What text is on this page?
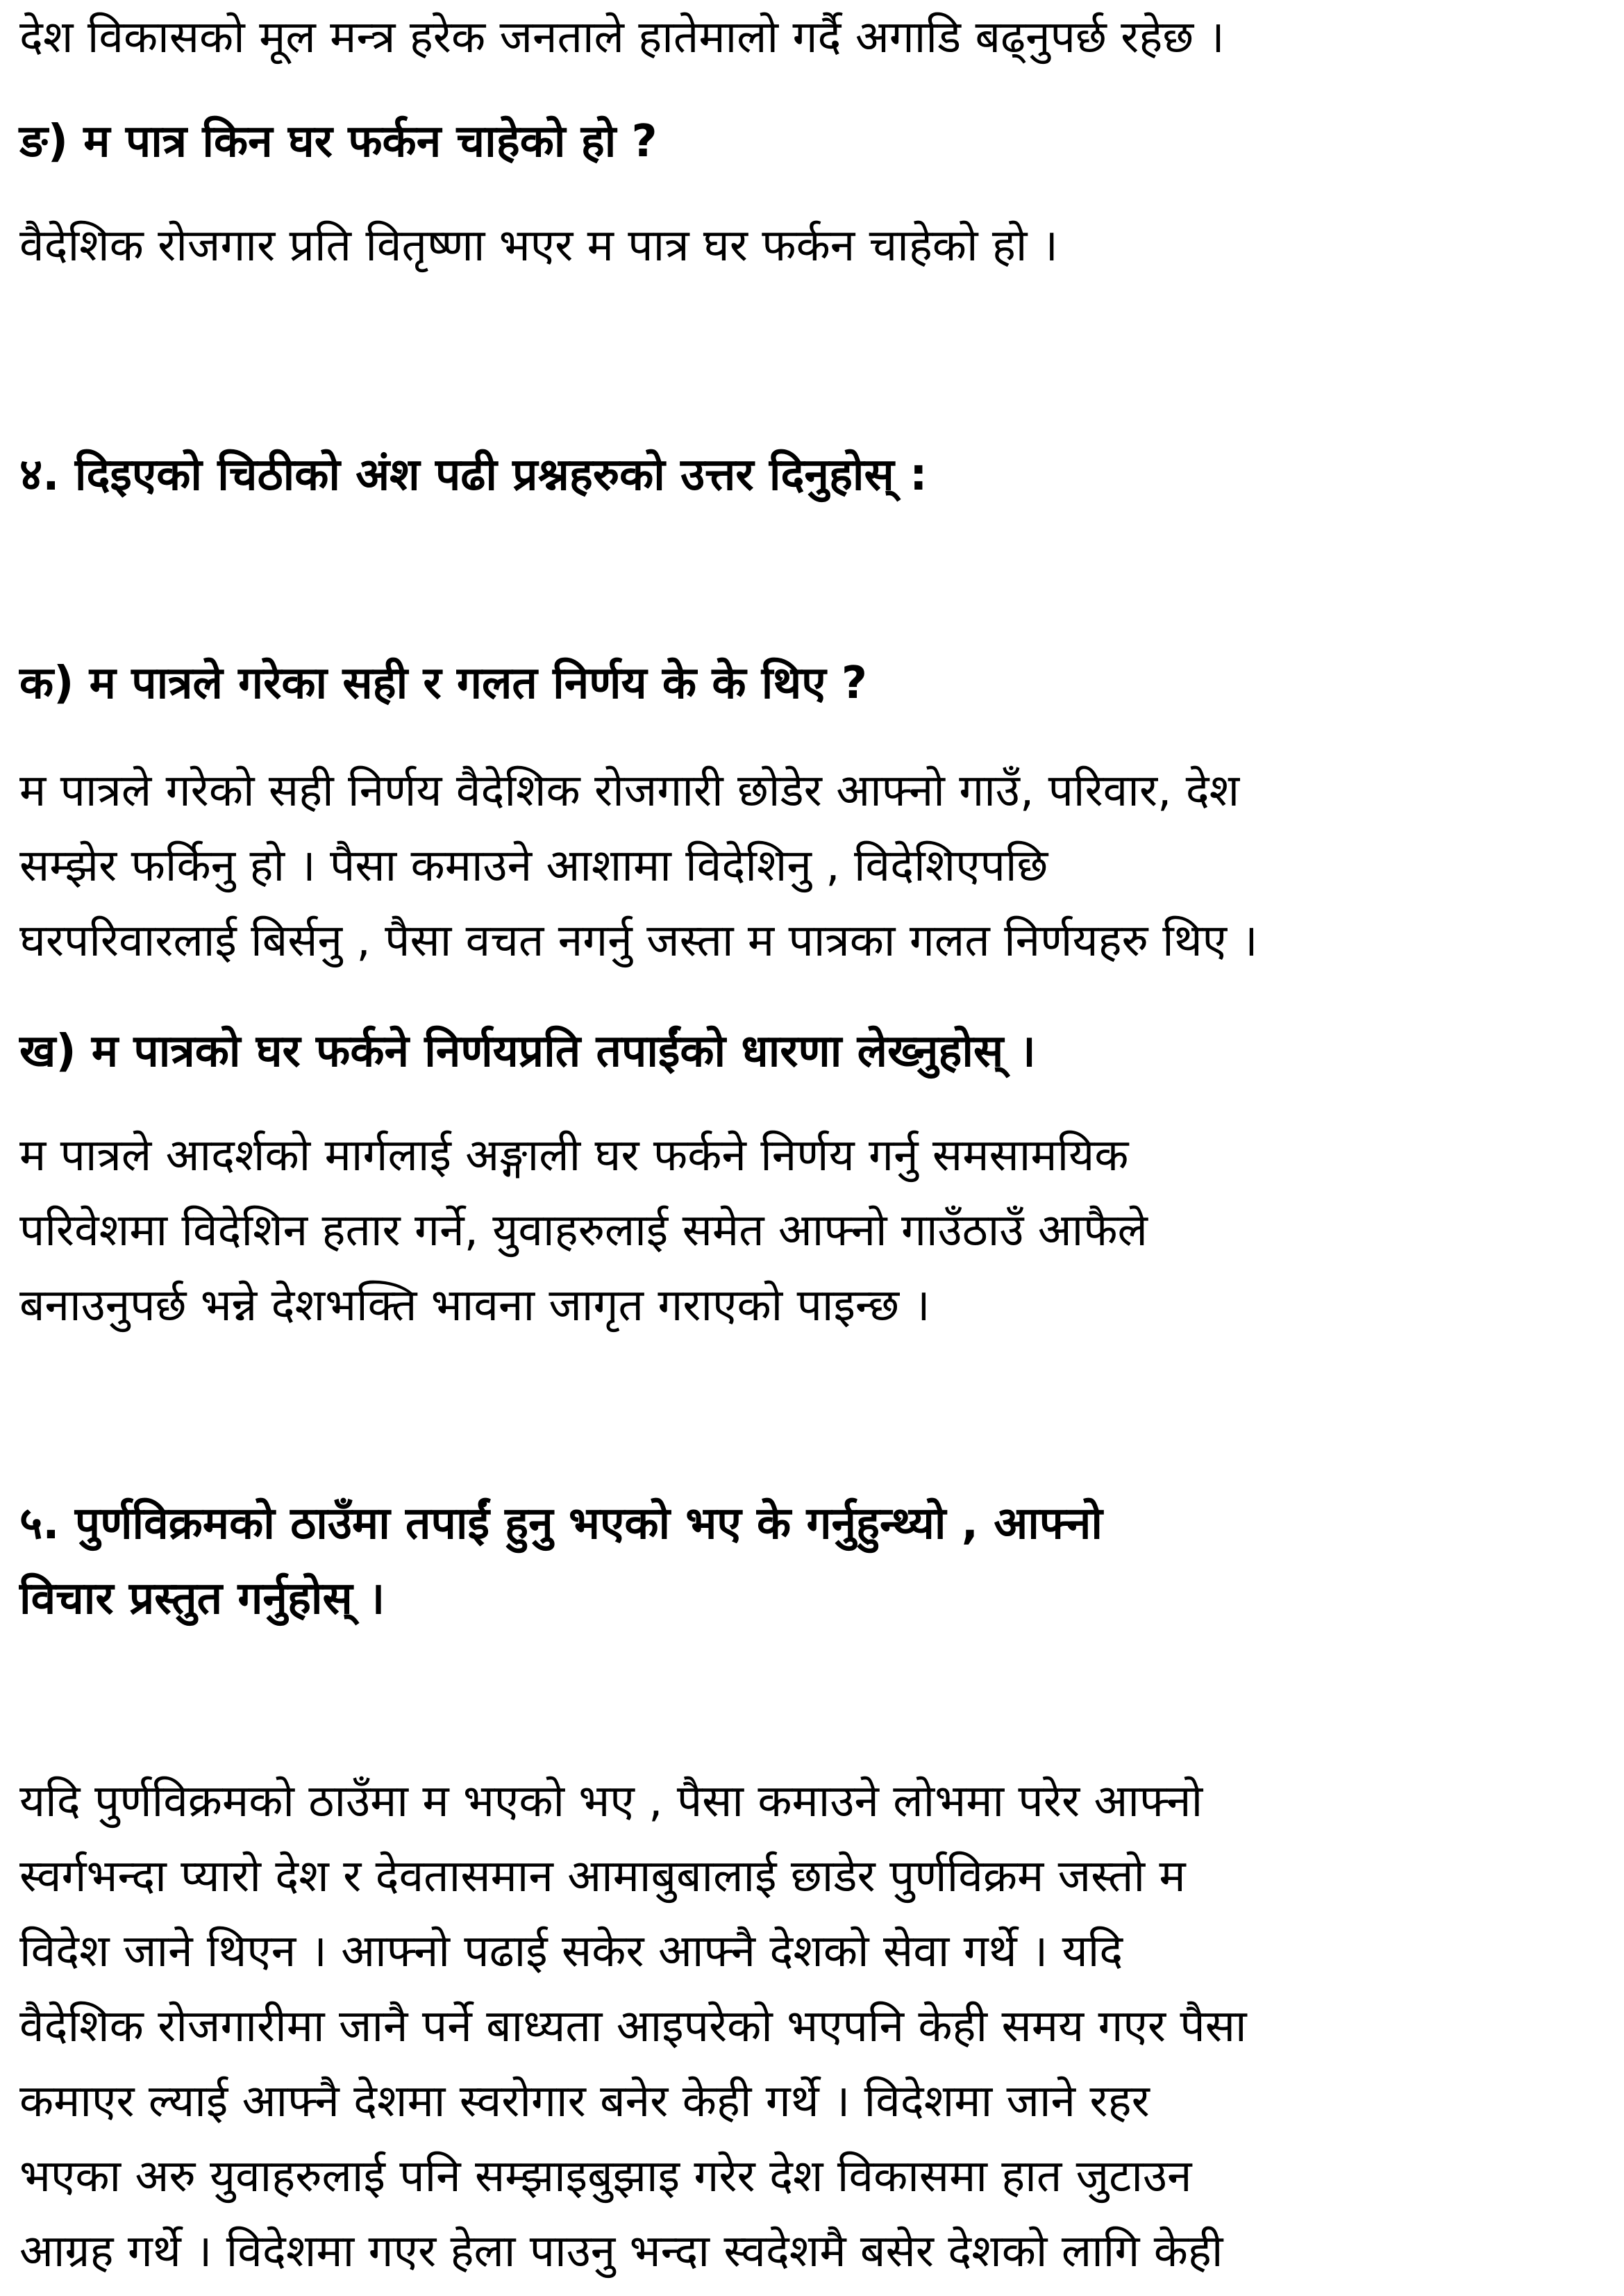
देश विकासको मूल मन्त्र हरेक जनताले हातेमालो गर्दै अगाडि बढ्नुपर्छ रहेछ ।
ङ) म पात्र किन घर फर्कन चाहेको हो ?
वैदेशिक रोजगार प्रति वितृष्णा भएर म पात्र घर फर्कन चाहेको हो ।
४. दिइएको चिठीको अंश पढी प्रश्नहरुको उत्तर दिनुहोस् :
क) म पात्रले गरेका सही र गलत निर्णय के के थिए ?
म पात्रले गरेको सही निर्णय वैदेशिक रोजगारी छोडेर आफ्नो गाउँ, परिवार, देश
सम्झेर फर्किनु हो । पैसा कमाउने आशामा विदेशिनु , विदेशिएपछि
घरपरिवारलाई बिर्सनु , पैसा वचत नगर्नु जस्ता म पात्रका गलत निर्णयहरु थिए ।
ख) म पात्रको घर फर्कने निर्णयप्रति तपाईंको धारणा लेख्नुहोस् ।
म पात्रले आदर्शको मार्गलाई अङ्गाली घर फर्कने निर्णय गर्नु समसामयिक
परिवेशमा विदेशिन हतार गर्ने, युवाहरुलाई समेत आफ्नो गाउँठाउँ आफैले
बनाउनुपर्छ भन्ने देशभक्ति भावना जागृत गराएको पाइन्छ ।
५. पुर्णविक्रमको ठाउँमा तपाईं हुनु भएको भए के गर्नुहुन्थ्यो , आफ्नो
विचार प्रस्तुत गर्नुहोस् ।
यदि पुर्णविक्रमको ठाउँमा म भएको भए , पैसा कमाउने लोभमा परेर आफ्नो
स्वर्गभन्दा प्यारो देश र देवतासमान आमाबुबालाई छाडेर पुर्णविक्रम जस्तो म
विदेश जाने थिएन । आफ्नो पढाई सकेर आफ्नै देशको सेवा गर्थे । यदि
वैदेशिक रोजगारीमा जानै पर्ने बाध्यता आइपरेको भएपनि केही समय गएर पैसा
कमाएर ल्याई आफ्नै देशमा स्वरोगार बनेर केही गर्थे । विदेशमा जाने रहर
भएका अरु युवाहरुलाई पनि सम्झाइबुझाइ गरेर देश विकासमा हात जुटाउन
आग्रह गर्थे । विदेशमा गएर हेला पाउनु भन्दा स्वदेशमै बसेर देशको लागि केही
